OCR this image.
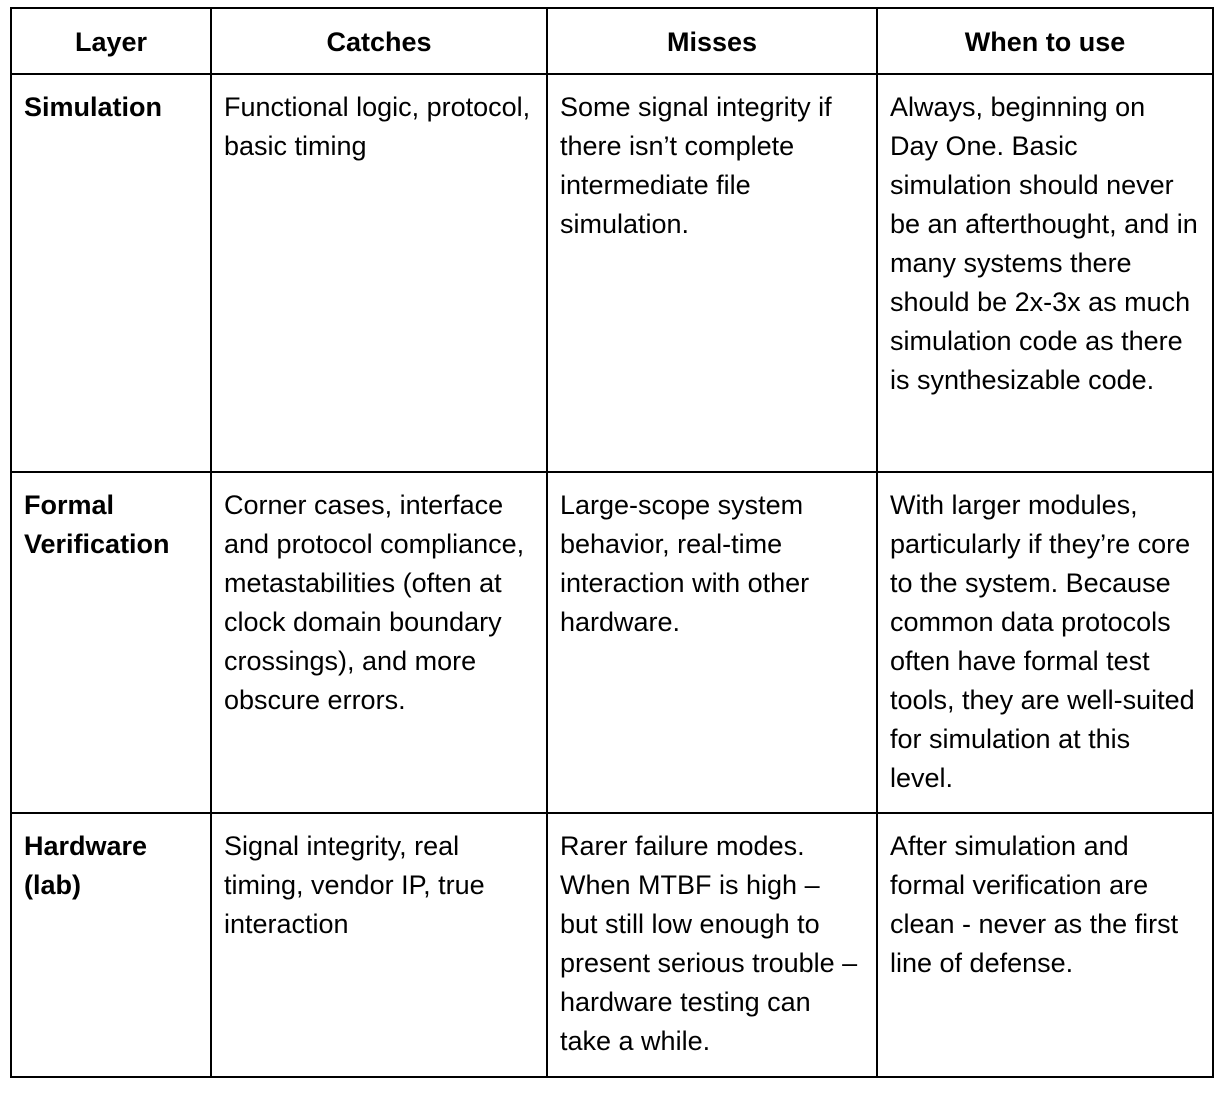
Layer	Catches	Misses	When to use
Simulation	Functional logic, protocol, basic timing	Some signal integrity if there isn’t complete intermediate file simulation.	Always, beginning on Day One. Basic simulation should never be an afterthought, and in many systems there should be 2x-3x as much simulation code as there is synthesizable code.
Formal Verification	Corner cases, interface and protocol compliance, metastabilities (often at clock domain boundary crossings), and more obscure errors.	Large-scope system behavior, real-time interaction with other hardware.	With larger modules, particularly if they’re core to the system. Because common data protocols often have formal test tools, they are well-suited for simulation at this level.
Hardware (lab)	Signal integrity, real timing, vendor IP, true interaction	Rarer failure modes. When MTBF is high – but still low enough to present serious trouble – hardware testing can take a while.	After simulation and formal verification are clean - never as the first line of defense.
